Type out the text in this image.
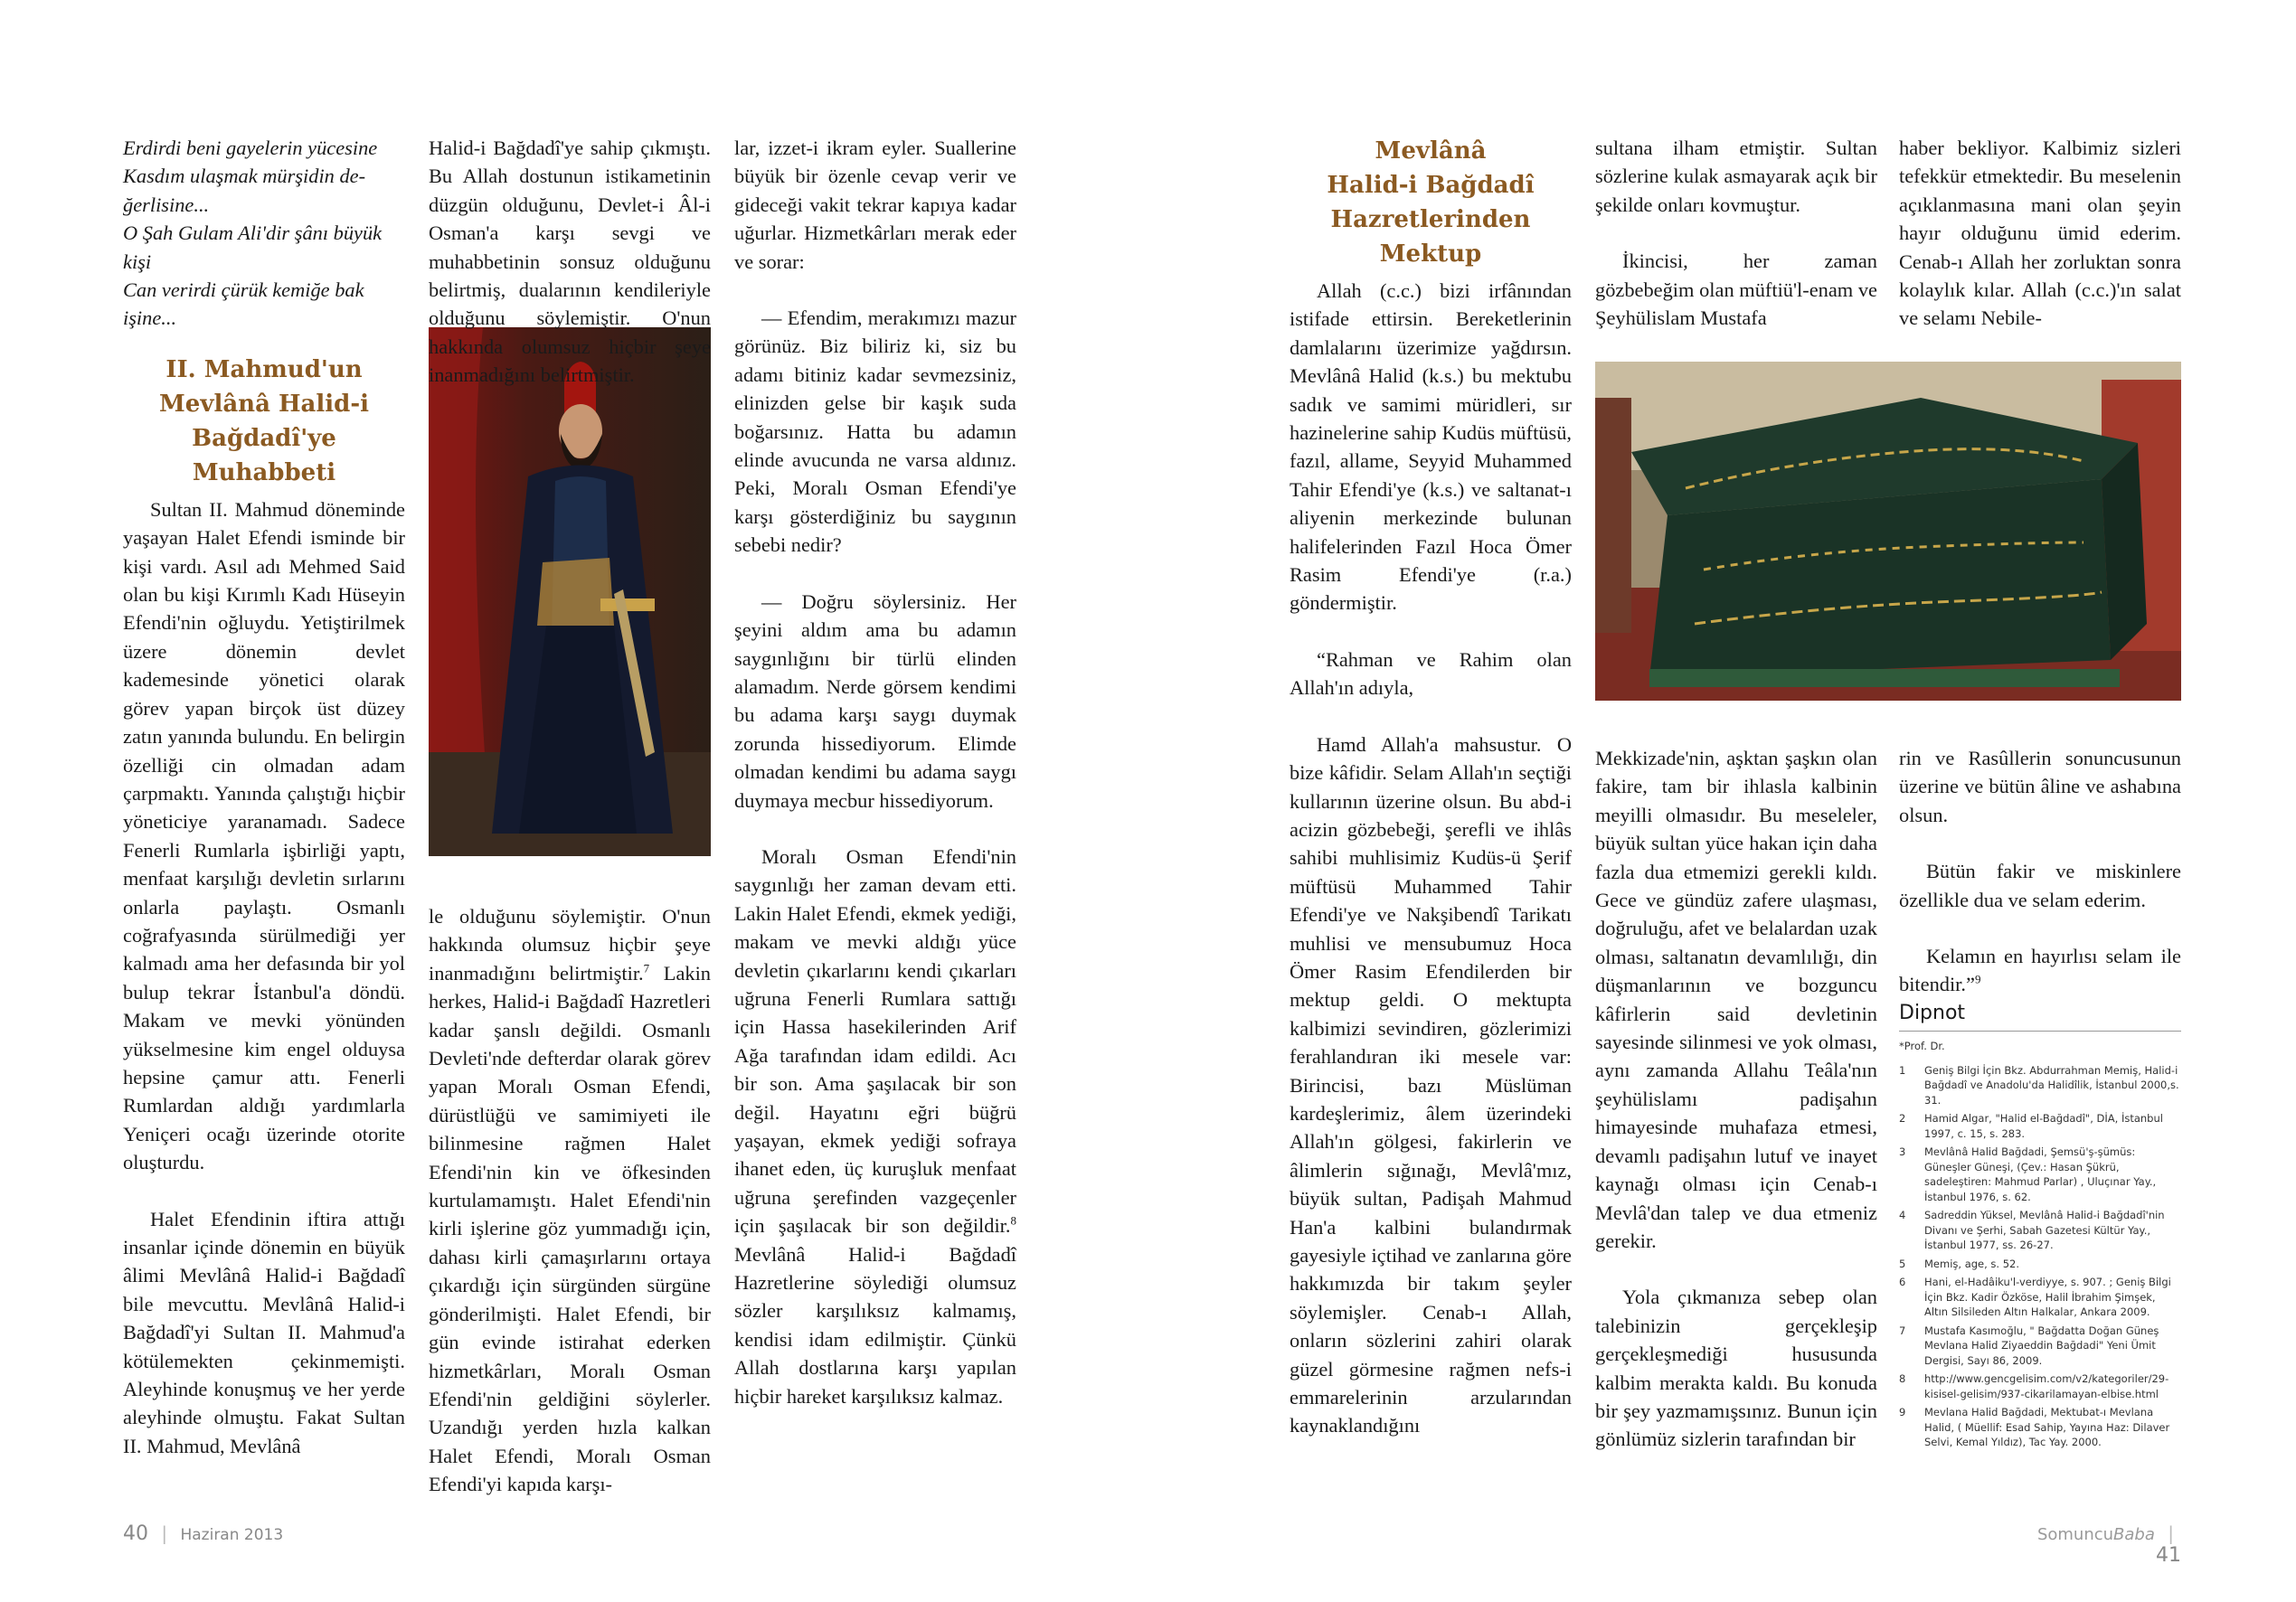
Erdirdi beni gayelerin yücesine
Kasdım ulaşmak mürşidin de-
ğerlisine...
O Şah Gulam Ali'dir şânı büyük
kişi
Can verirdi çürük kemiğe bak
işine...
II. Mahmud'un
Mevlânâ Halid-i
Bağdadî'ye
Muhabbeti

Sultan II. Mahmud döneminde yaşayan Halet Efendi isminde bir kişi vardı. Asıl adı Mehmed Said olan bu kişi Kırımlı Kadı Hüseyin Efendi'nin oğluydu. Yetiştirilmek üzere dönemin devlet kademesinde yönetici olarak görev yapan birçok üst düzey zatın yanında bulundu. En belirgin özelliği cin olmadan adam çarpmaktı. Yanında çalıştığı hiçbir yöneticiye yaranamadı. Sadece Fenerli Rumlarla işbirliği yaptı, menfaat karşılığı devletin sırlarını onlarla paylaştı. Osmanlı coğrafyasında sürülmediği yer kalmadı ama her defasında bir yol bulup tekrar İstanbul'a döndü. Makam ve mevki yönünden yükselmesine kim engel olduysa hepsine çamur attı. Fenerli Rumlardan aldığı yardımlarla Yeniçeri ocağı üzerinde otorite oluşturdu.

Halet Efendinin iftira attığı insanlar içinde dönemin en büyük âlimi Mevlânâ Halid-i Bağdadî bile mevcuttu. Mevlânâ Halid-i Bağdadî'yi Sultan II. Mahmud'a kötülemekten çekinmemişti. Aleyhinde konuşmuş ve her yerde aleyhinde olmuştu. Fakat Sultan II. Mahmud, Mevlânâ

Halid-i Bağdadî'ye sahip çıkmıştı. Bu Allah dostunun istikametinin düzgün olduğunu, Devlet-i Âl-i Osman'a karşı sevgi ve muhabbetinin sonsuz olduğunu belirtmiş, dualarının kendileriyle olduğunu söylemiştir. O'nun hakkında olumsuz hiçbir şeye inanmadığını belirtmiştir.

le olduğunu söylemiştir. O'nun hakkında olumsuz hiçbir şeye inanmadığını belirtmiştir.$^7$ Lakin herkes, Halid-i Bağdadî Hazretleri kadar şanslı değildi. Osmanlı Devleti'nde defterdar olarak görev yapan Moralı Osman Efendi, dürüstlüğü ve samimiyeti ile bilinmesine rağmen Halet Efendi'nin kin ve öfkesinden kurtulamamıştı. Halet Efendi'nin kirli işlerine göz yummadığı için, dahası kirli çamaşırlarını ortaya çıkardığı için sürgünden sürgüne gönderilmişti. Halet Efendi, bir gün evinde istirahat ederken hizmetkârları, Moralı Osman Efendi'nin geldiğini söylerler. Uzandığı yerden hızla kalkan Halet Efendi, Moralı Osman Efendi'yi kapıda karşı-

lar, izzet-i ikram eyler. Suallerine büyük bir özenle cevap verir ve gideceği vakit tekrar kapıya kadar uğurlar. Hizmetkârları merak eder ve sorar:

— Efendim, merakımızı mazur görünüz. Biz biliriz ki, siz bu adamı bitiniz kadar sevmezsiniz, elinizden gelse bir kaşık suda boğarsınız. Hatta bu adamın elinde avucunda ne varsa aldınız. Peki, Moralı Osman Efendi'ye karşı gösterdiğiniz bu saygının sebebi nedir?

— Doğru söylersiniz. Her şeyini aldım ama bu adamın saygınlığını bir türlü elinden alamadım. Nerde görsem kendimi bu adama karşı saygı duymak zorunda hissediyorum. Elimde olmadan kendimi bu adama saygı duymaya mecbur hissediyorum.

Moralı Osman Efendi'nin saygınlığı her zaman devam etti. Lakin Halet Efendi, ekmek yediği, makam ve mevki aldığı yüce devletin çıkarlarını kendi çıkarları uğruna Fenerli Rumlara sattığı için Hassa hasekilerinden Arif Ağa tarafından idam edildi. Acı bir son. Ama şaşılacak bir son değil. Hayatını eğri büğrü yaşayan, ekmek yediği sofraya ihanet eden, üç kuruşluk menfaat uğruna şerefinden vazgeçenler için şaşılacak bir son değildir.$^8$ Mevlânâ Halid-i Bağdadî Hazretlerine söylediği olumsuz sözler karşılıksız kalmamış, kendisi idam edilmiştir. Çünkü Allah dostlarına karşı yapılan hiçbir hareket karşılıksız kalmaz.

40 | Haziran 2013
Mevlânâ
Halid-i Bağdadî
Hazretlerinden
Mektup

Allah (c.c.) bizi irfânından istifade ettirsin. Bereketlerinin damlalarını üzerimize yağdırsın. Mevlânâ Halid (k.s.) bu mektubu sadık ve samimi müridleri, sır hazinelerine sahip Kudüs müftüsü, fazıl, allame, Seyyid Muhammed Tahir Efendi'ye (k.s.) ve saltanat-ı aliyenin merkezinde bulunan halifelerinden Fazıl Hoca Ömer Rasim Efendi'ye (r.a.) göndermiştir.

“Rahman ve Rahim olan Allah'ın adıyla,

Hamd Allah'a mahsustur. O bize kâfidir. Selam Allah'ın seçtiği kullarının üzerine olsun. Bu abd-i acizin gözbebeği, şerefli ve ihlâs sahibi muhlisimiz Kudüs-ü Şerif müftüsü Muhammed Tahir Efendi'ye ve Nakşibendî Tarikatı muhlisi ve mensubumuz Hoca Ömer Rasim Efendilerden bir mektup geldi. O mektupta kalbimizi sevindiren, gözlerimizi ferahlandıran iki mesele var: Birincisi, bazı Müslüman kardeşlerimiz, âlem üzerindeki Allah'ın gölgesi, fakirlerin ve âlimlerin sığınağı, Mevlâ'mız, büyük sultan, Padişah Mahmud Han'a kalbini bulandırmak gayesiyle içtihad ve zanlarına göre hakkımızda bir takım şeyler söylemişler. Cenab-ı Allah, onların sözlerini zahiri olarak güzel görmesine rağmen nefs-i emmarelerinin arzularından kaynaklandığını

sultana ilham etmiştir. Sultan sözlerine kulak asmayarak açık bir şekilde onları kovmuştur.

İkincisi, her zaman gözbebeğim olan müftiü'l-enam ve Şeyhülislam Mustafa

haber bekliyor. Kalbimiz sizleri tefekkür etmektedir. Bu meselenin açıklanmasına mani olan şeyin hayır olduğunu ümid ederim. Cenab-ı Allah her zorluktan sonra kolaylık kılar. Allah (c.c.)'ın salat ve selamı Nebile-

Mekkizade'nin, aşktan şaşkın olan fakire, tam bir ihlasla kalbinin meyilli olmasıdır. Bu meseleler, büyük sultan yüce hakan için daha fazla dua etmemizi gerekli kıldı. Gece ve gündüz zafere ulaşması, doğruluğu, afet ve belalardan uzak olması, saltanatın devamlılığı, din düşmanlarının ve bozguncu kâfirlerin said devletinin sayesinde silinmesi ve yok olması, aynı zamanda Allahu Teâla'nın şeyhülislamı padişahın himayesinde muhafaza etmesi, devamlı padişahın lutuf ve inayet kaynağı olması için Cenab-ı Mevlâ'dan talep ve dua etmeniz gerekir.

Yola çıkmanıza sebep olan talebinizin gerçekleşip gerçekleşmediği hususunda kalbim merakta kaldı. Bu konuda bir şey yazmamışsınız. Bunun için gönlümüz sizlerin tarafından bir

rin ve Rasûllerin sonuncusunun üzerine ve bütün âline ve ashabına olsun.

Bütün fakir ve miskinlere özellikle dua ve selam ederim.

Kelamın en hayırlısı selam ile bitendir.”$^9$

Dipnot
*Prof. Dr.
1	Geniş Bilgi İçin Bkz. Abdurrahman Memiş, Halid-i Bağdadî ve Anadolu'da Halidîlik, İstanbul 2000,s. 31.
2	Hamid Algar, "Halid el-Bağdadî", DİA, İstanbul 1997, c. 15, s. 283.
3	Mevlânâ Halid Bağdadi, Şemsü'ş-şümüs: Güneşler Güneşi, (Çev.: Hasan Şükrü, sadeleştiren: Mahmud Parlar) , Uluçınar Yay., İstanbul 1976, s. 62.
4	Sadreddin Yüksel, Mevlânâ Halid-i Bağdadî'nin Divanı ve Şerhi, Sabah Gazetesi Kültür Yay., İstanbul 1977, ss. 26-27.
5	Memiş, age, s. 52.
6	Hani, el-Hadâiku'l-verdiyye, s. 907. ; Geniş Bilgi İçin Bkz. Kadir Özköse, Halil İbrahim Şimşek, Altın Silsileden Altın Halkalar, Ankara 2009.
7	Mustafa Kasımoğlu, " Bağdatta Doğan Güneş Mevlana Halid Ziyaeddin Bağdadi" Yeni Ümit Dergisi, Sayı 86, 2009.
8	http://www.gencgelisim.com/v2/kategoriler/29-kisisel-gelisim/937-cikarilamayan-elbise.html
9	Mevlana Halid Bağdadi, Mektubat-ı Mevlana Halid, ( Müellif: Esad Sahip, Yayına Haz: Dilaver Selvi, Kemal Yıldız), Tac Yay. 2000.
SomuncuBaba | 41
